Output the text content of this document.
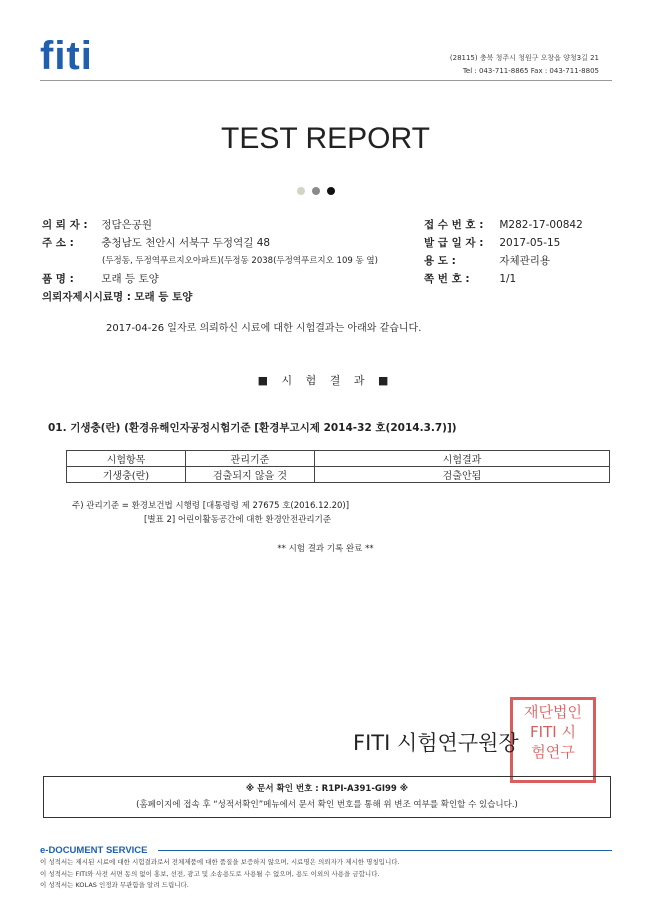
fiti	(28115) 충북 청주시 청원구 오창읍 양청3길 21
Tel : 043-711-8865 Fax : 043-711-8805
TEST REPORT
의 뢰 자 : 정담은공원
주 소 :	충청남도 천안시 서북구 두정역길 48
(두정동, 두정역푸르지오아파트)(두정동 2038(두정역푸르지오 109 동 옆)
품 명 :	모래 등 토양
의뢰자제시시료명 : 모래 등 토양
접 수 번 호 : M282-17-00842
발 급 일 자 : 2017-05-15
용 도 :	자체관리용
쪽 번 호 :	1/1
2017-04-26 일자로 의뢰하신 시료에 대한 시험결과는 아래와 같습니다.
■ 시 험 결 과 ■
01. 기생충(란) (환경유해인자공정시험기준 [환경부고시제 2014-32 호(2014.3.7)])
시험항목	관리기준	시험결과
기생충(란)	검출되지 않을 것	검출안됨
주) 관리기준 = 환경보건법 시행령 [대통령령 제 27675 호(2016.12.20)]
[별표 2] 어린이활동공간에 대한 환경안전관리기준
** 시험 결과 기록 완료 **
재단법인
FITI 시
험연구
FITI 시험연구원장
※ 문서 확인 번호 : R1PI-A391-GI99 ※
(홈페이지에 접속 후 “성적서확인”메뉴에서 문서 확인 번호를 통해 위 변조 여부를 확인할 수 있습니다.)
e-DOCUMENT SERVICE
이 성적서는 제시된 시료에 대한 시험결과로서 전체제품에 대한 품질을 보증하지 않으며, 시료명은 의뢰자가 제시한 명칭입니다.
이 성적서는 FITI와 사전 서면 동의 없이 홍보, 선전, 광고 및 소송용도로 사용될 수 없으며, 용도 이외의 사용을 금합니다.
이 성적서는 KOLAS 인정과 무관함을 알려 드립니다.
